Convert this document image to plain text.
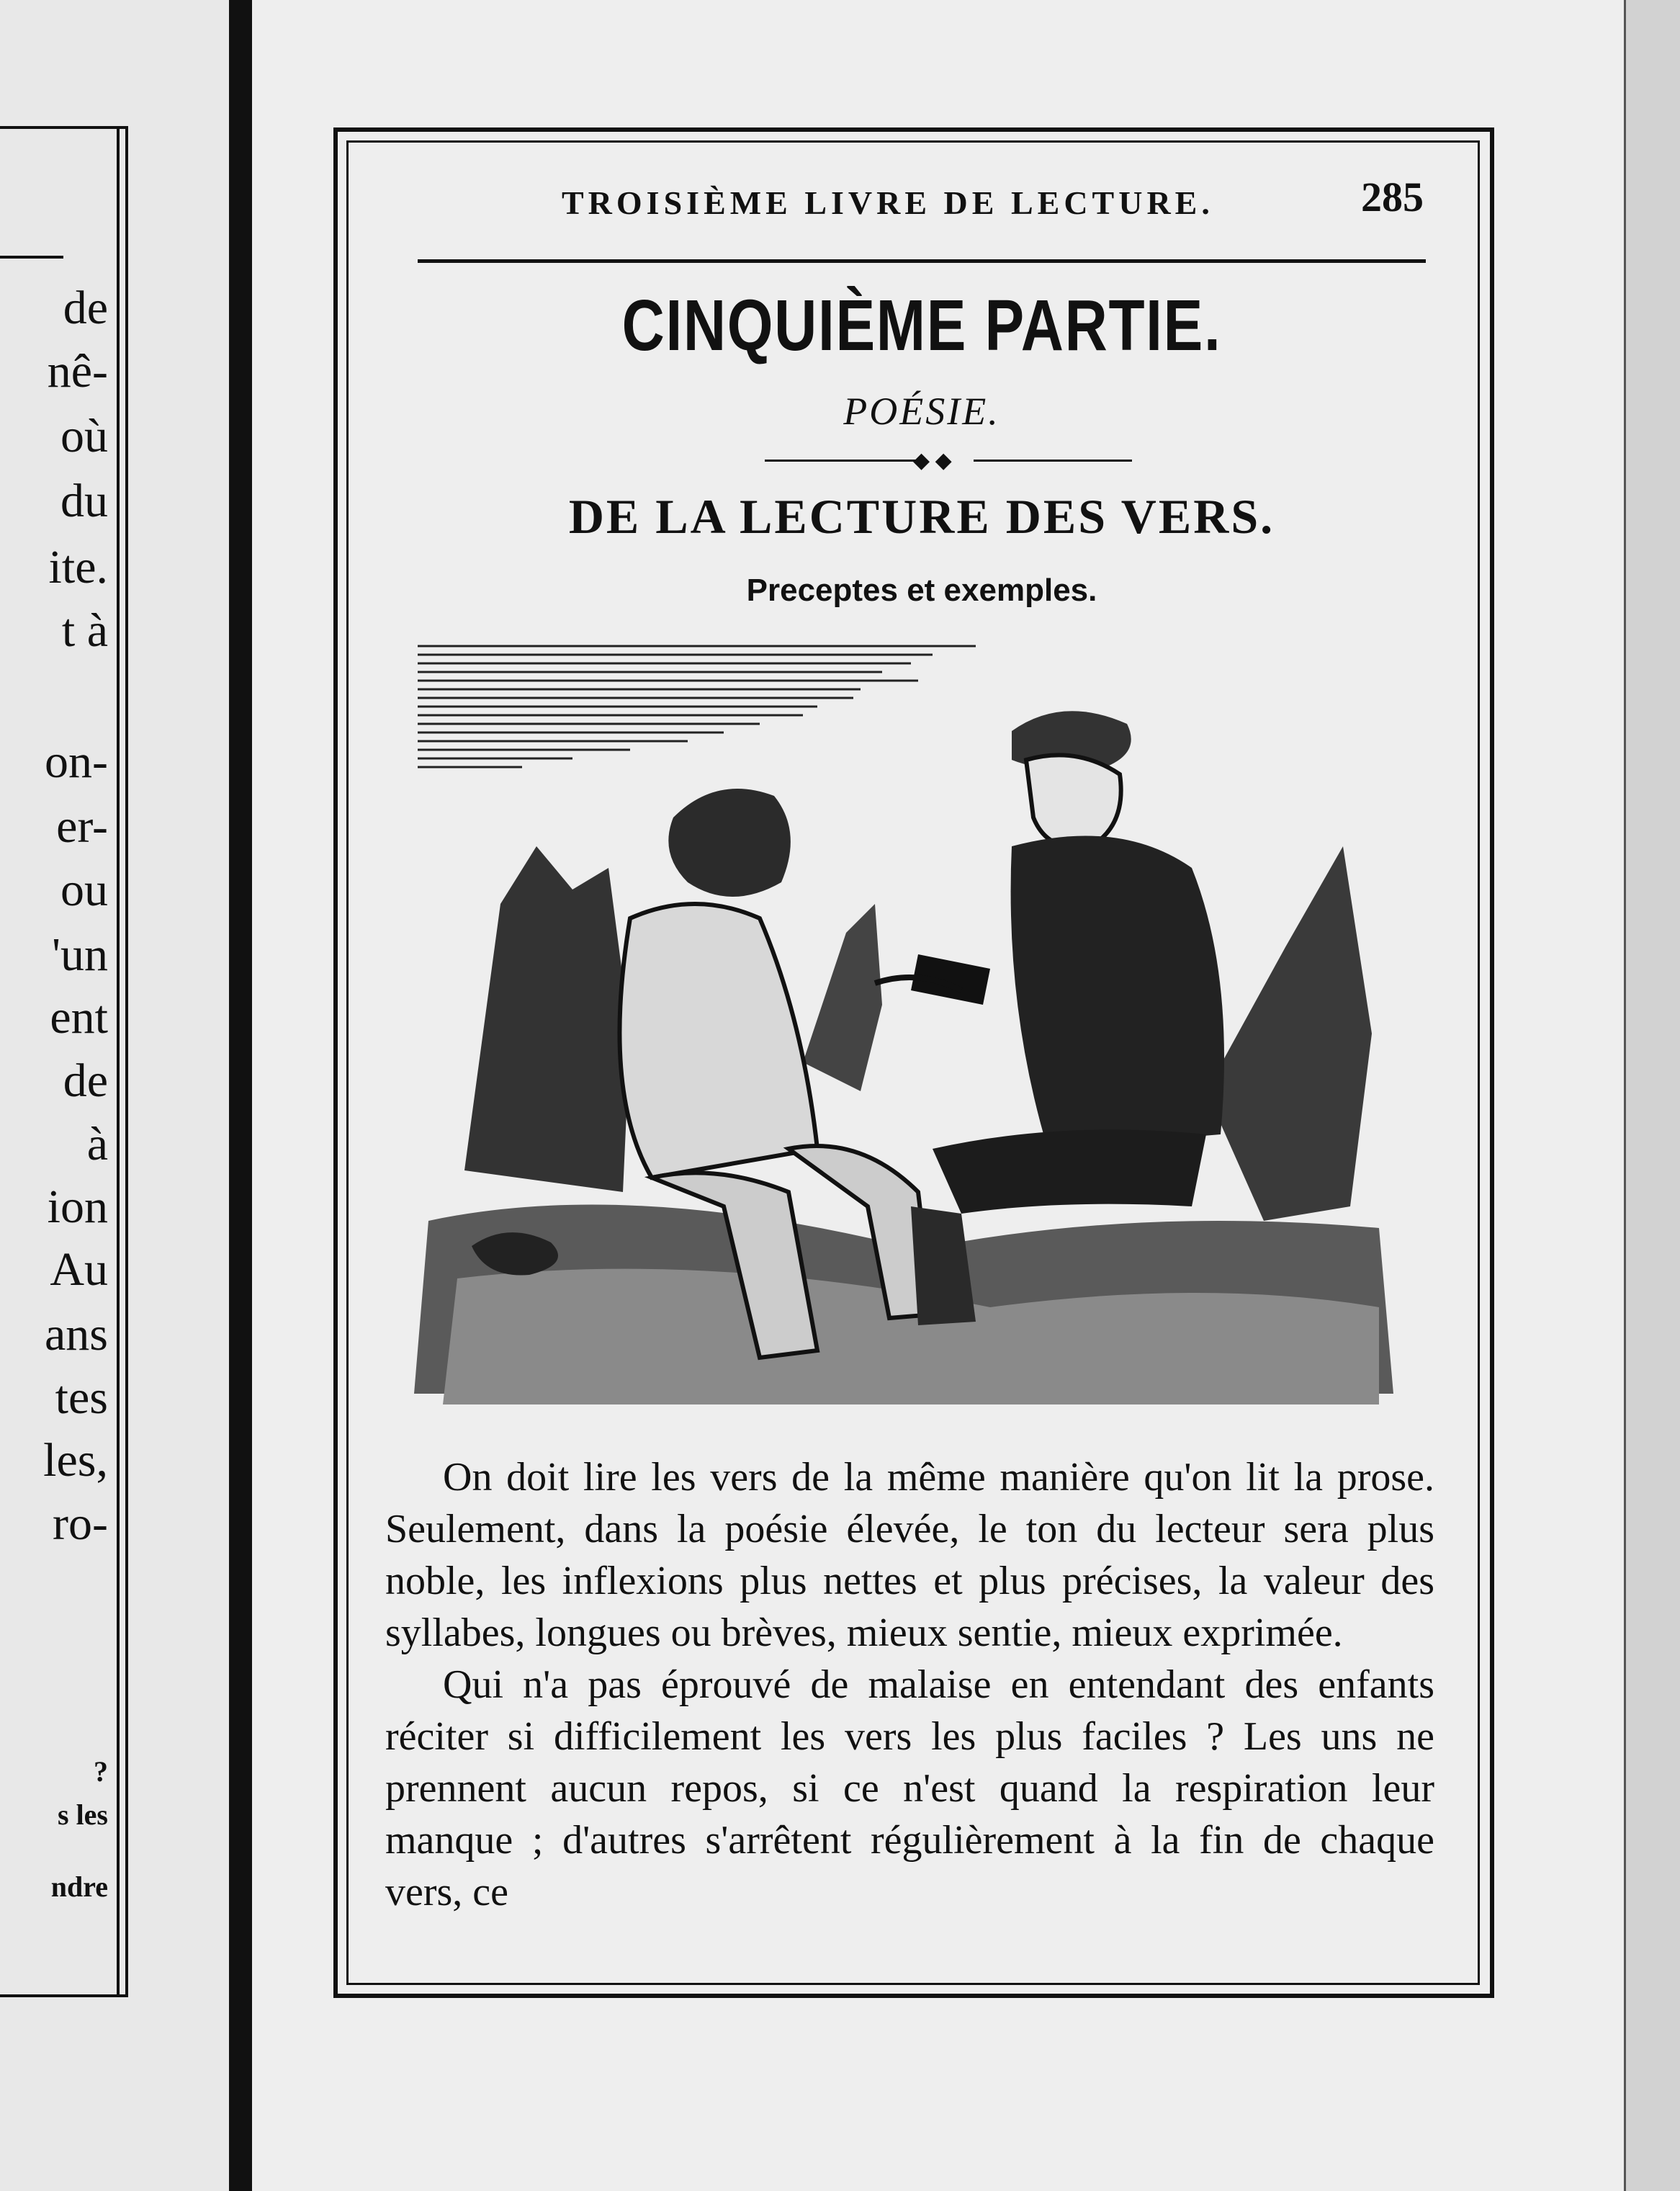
de
nê-
où
du
ite.
t à
on-
er-
ou
'un
ent
de
à
ion
Au
ans
tes
les,
ro-
?
s les
ndre
TROISIÈME LIVRE DE LECTURE.	285
CINQUIÈME PARTIE.
POÉSIE.
◆ ◆
DE LA LECTURE DES VERS.
Preceptes et exemples.

On doit lire les vers de la même manière qu'on lit la prose. Seulement, dans la poésie élevée, le ton du lecteur sera plus noble, les inflexions plus nettes et plus précises, la valeur des syllabes, longues ou brèves, mieux sentie, mieux exprimée.

Qui n'a pas éprouvé de malaise en entendant des enfants réciter si difficilement les vers les plus faciles ? Les uns ne prennent aucun repos, si ce n'est quand la respiration leur manque ; d'autres s'arrêtent régulièrement à la fin de chaque vers, ce
